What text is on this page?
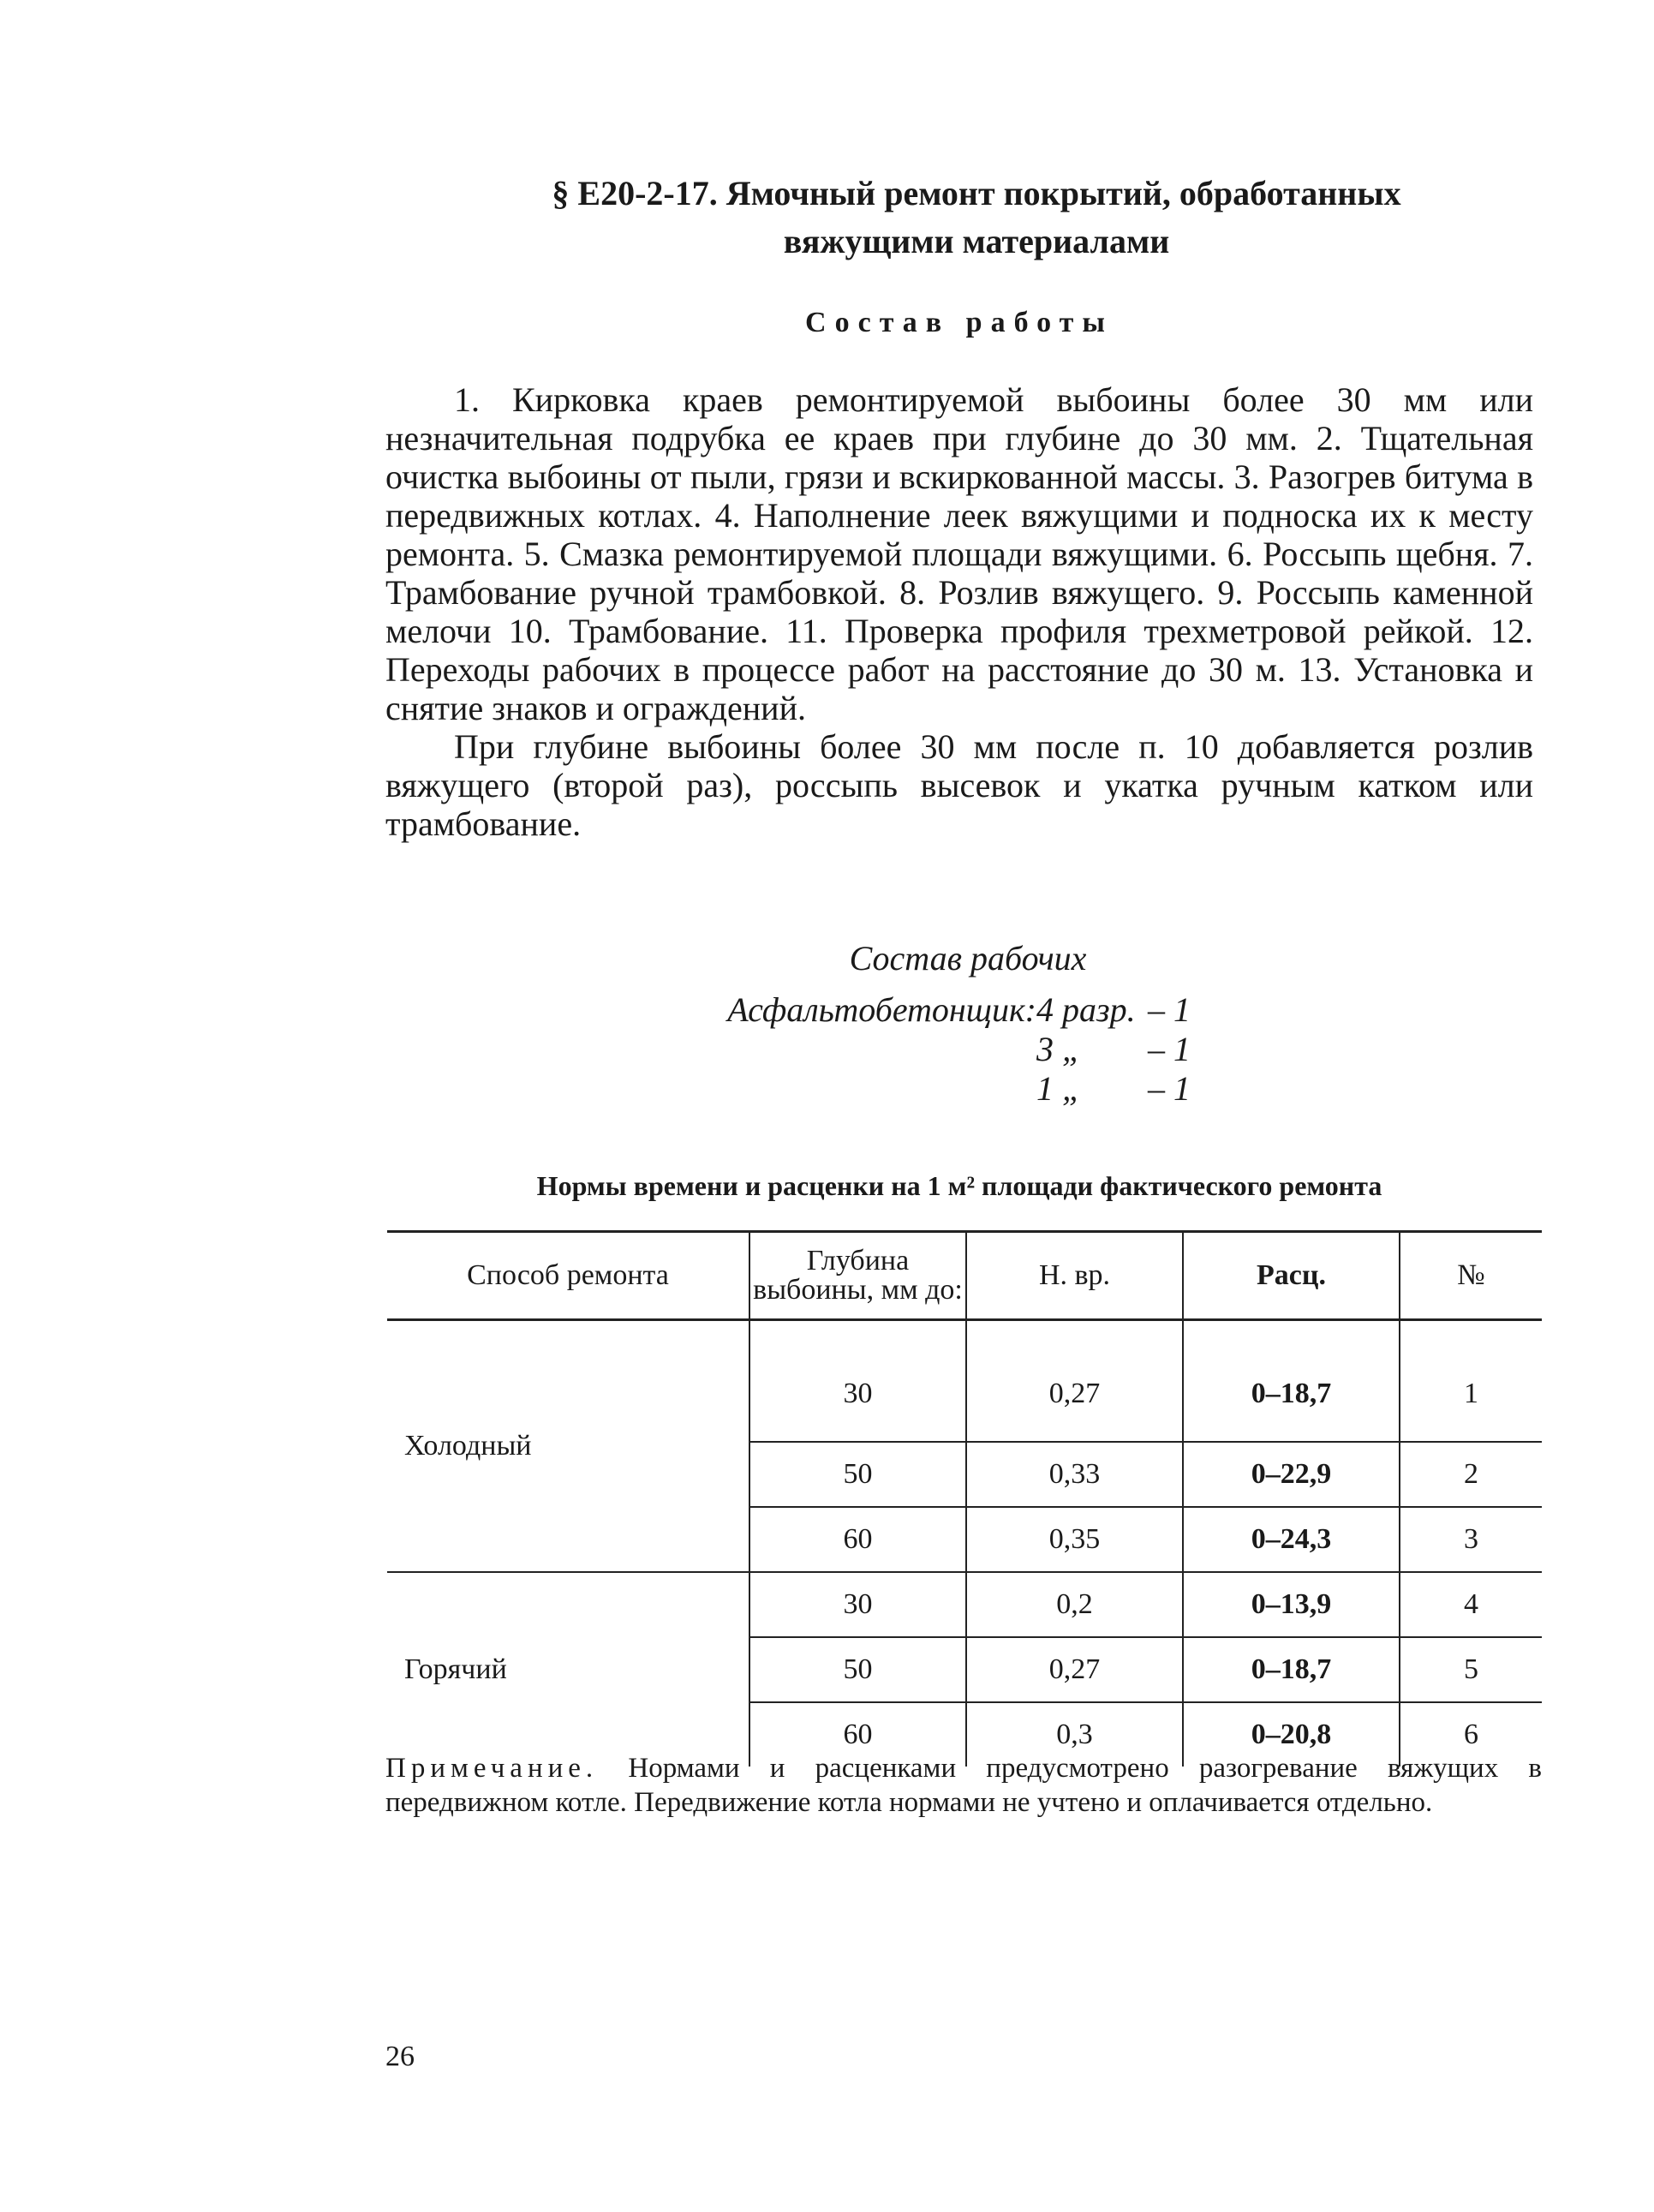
§ Е20-2-17. Ямочный ремонт покрытий, обработанных
вяжущими материалами
Состав работы

1. Кирковка краев ремонтируемой выбоины более 30 мм или незначительная подрубка ее краев при глубине до 30 мм. 2. Тщательная очистка выбоины от пыли, грязи и вскиркованной массы. 3. Разогрев битума в передвижных котлах. 4. Наполнение леек вяжущими и подноска их к месту ремонта. 5. Смазка ремонтируемой площади вяжущими. 6. Россыпь щебня. 7. Трамбование ручной трамбовкой. 8. Розлив вяжущего. 9. Россыпь каменной мелочи 10. Трамбование. 11. Проверка профиля трехметровой рейкой. 12. Переходы рабочих в процессе работ на расстояние до 30 м. 13. Установка и снятие знаков и ограждений.

При глубине выбоины более 30 мм после п. 10 добавляется розлив вяжущего (второй раз), россыпь высевок и укатка ручным катком или трамбование.

Состав рабочих
Асфальтобетонщик: 4 разр. – 1
3 „ – 1
1 „ – 1
Нормы времени и расценки на 1 м² площади фактического ремонта
Способ ремонта	Глубина выбоины, мм до:	Н. вр.	Расц.	№
Холодный	30	0,27	0–18,7	1
	50	0,33	0–22,9	2
	60	0,35	0–24,3	3
Горячий	30	0,2	0–13,9	4
	50	0,27	0–18,7	5
	60	0,3	0–20,8	6
Примечание. Нормами и расценками предусмотрено разогревание вяжущих в передвижном котле. Передвижение котла нормами не учтено и оплачивается отдельно.
26
